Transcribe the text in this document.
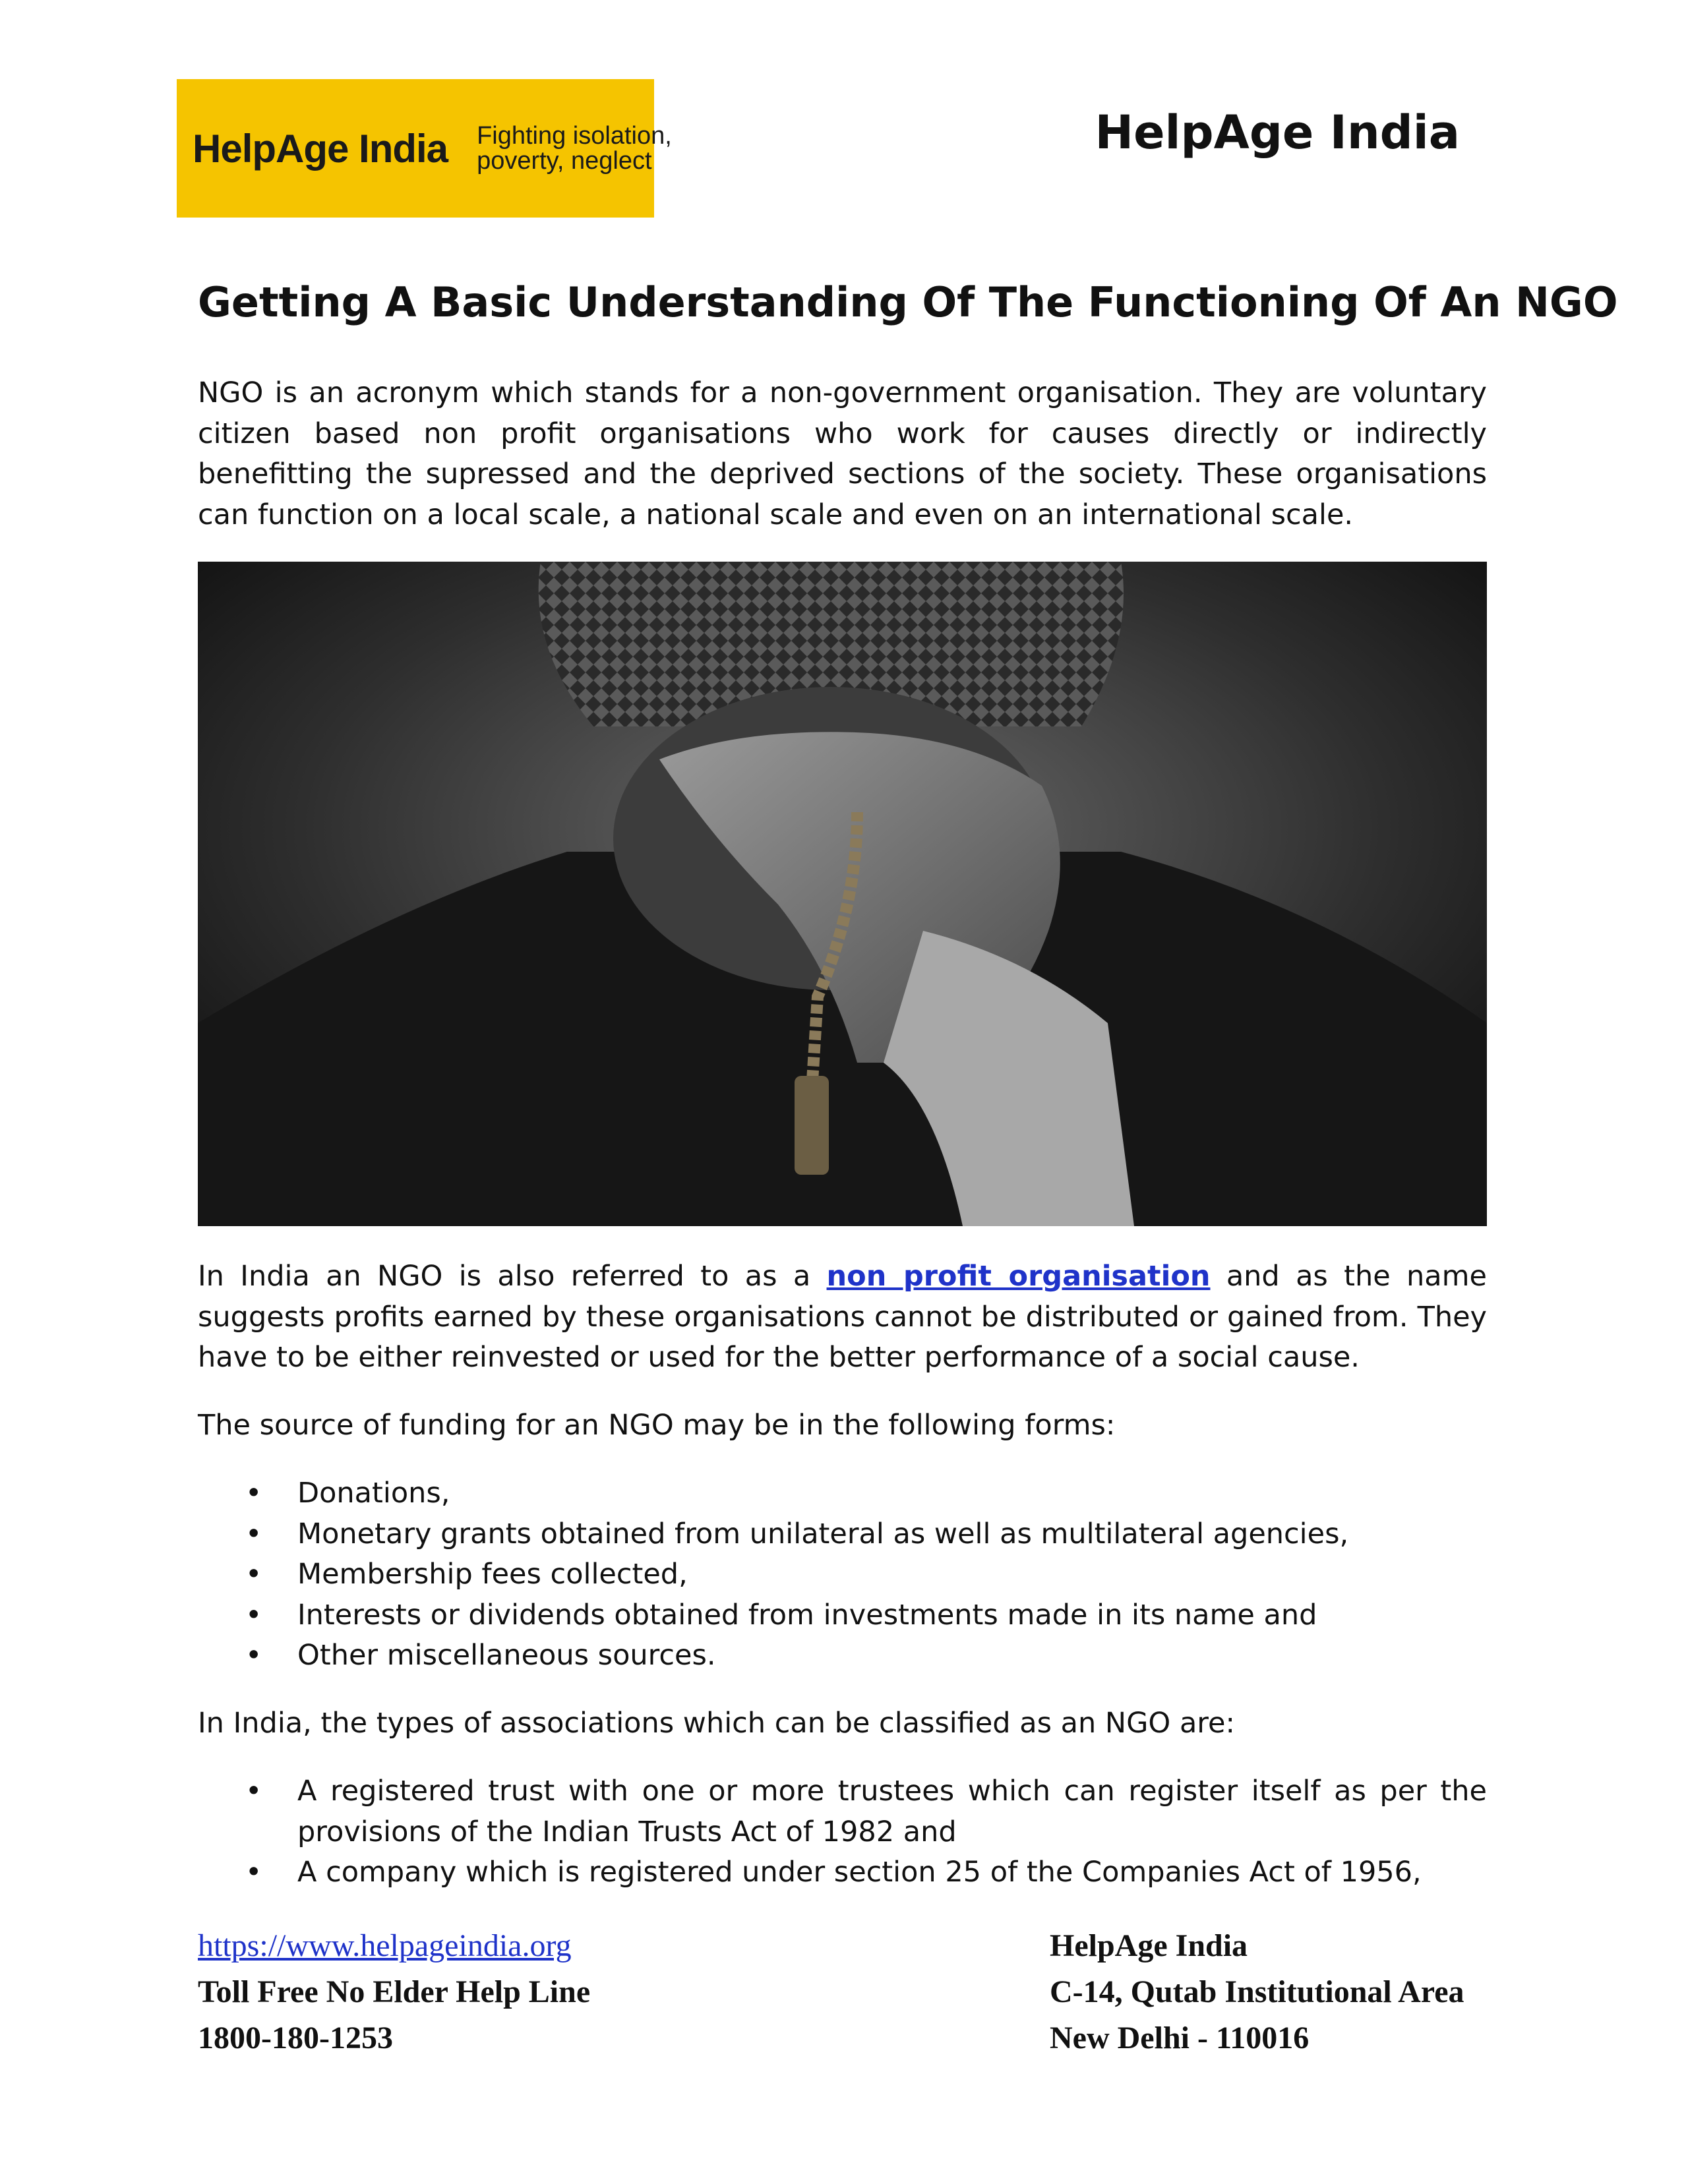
HelpAge India Fighting isolation,
poverty, neglect
HelpAge India
Getting A Basic Understanding Of The Functioning Of An NGO

NGO is an acronym which stands for a non-government organisation. They are voluntary citizen based non profit organisations who work for causes directly or indirectly benefitting the supressed and the deprived sections of the society. These organisations can function on a local scale, a national scale and even on an international scale.

In India an NGO is also referred to as a non profit organisation and as the name suggests profits earned by these organisations cannot be distributed or gained from. They have to be either reinvested or used for the better performance of a social cause.

The source of funding for an NGO may be in the following forms:

• Donations,
• Monetary grants obtained from unilateral as well as multilateral agencies,
• Membership fees collected,
• Interests or dividends obtained from investments made in its name and
• Other miscellaneous sources.

In India, the types of associations which can be classified as an NGO are:

• A registered trust with one or more trustees which can register itself as per the provisions of the Indian Trusts Act of 1982 and
• A company which is registered under section 25 of the Companies Act of 1956,
https://www.helpageindia.org
Toll Free No Elder Help Line
1800-180-1253
HelpAge India
C-14, Qutab Institutional Area
New Delhi - 110016
